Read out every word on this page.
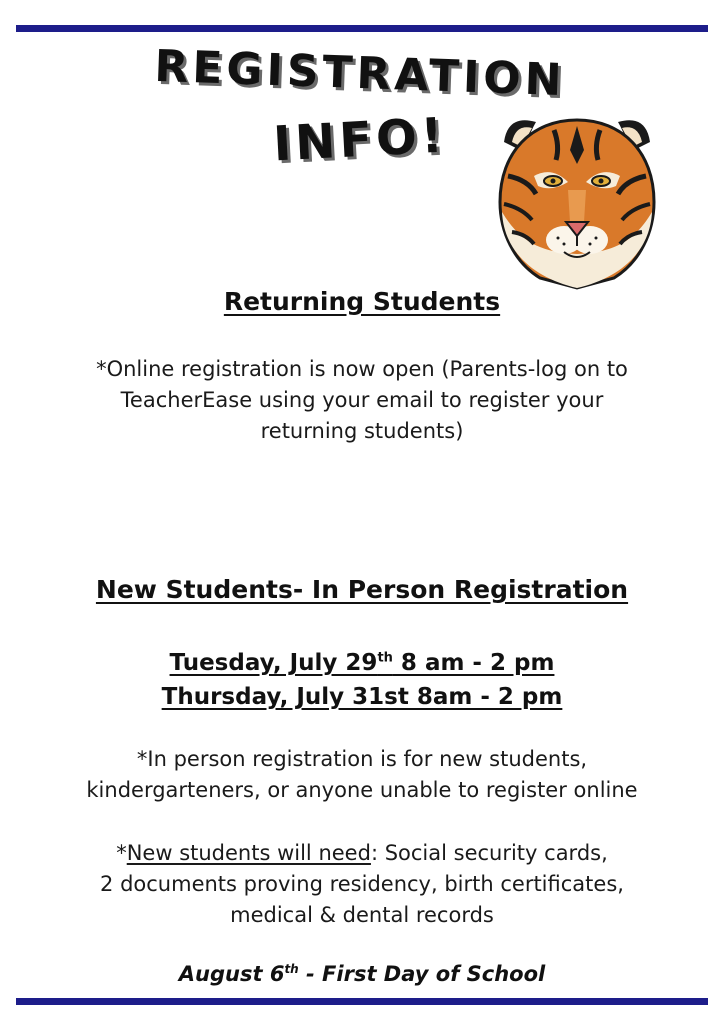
REGISTRATION
INFO!

Returning Students

*Online registration is now open (Parents-log on to
TeacherEase using your email to register your
returning students)

New Students- In Person Registration

Tuesday, July 29th 8 am - 2 pm

Thursday, July 31st 8am - 2 pm

*In person registration is for new students,
kindergarteners, or anyone unable to register online
*New students will need: Social security cards,
2 documents proving residency, birth certificates,
medical & dental records

August 6th - First Day of School
